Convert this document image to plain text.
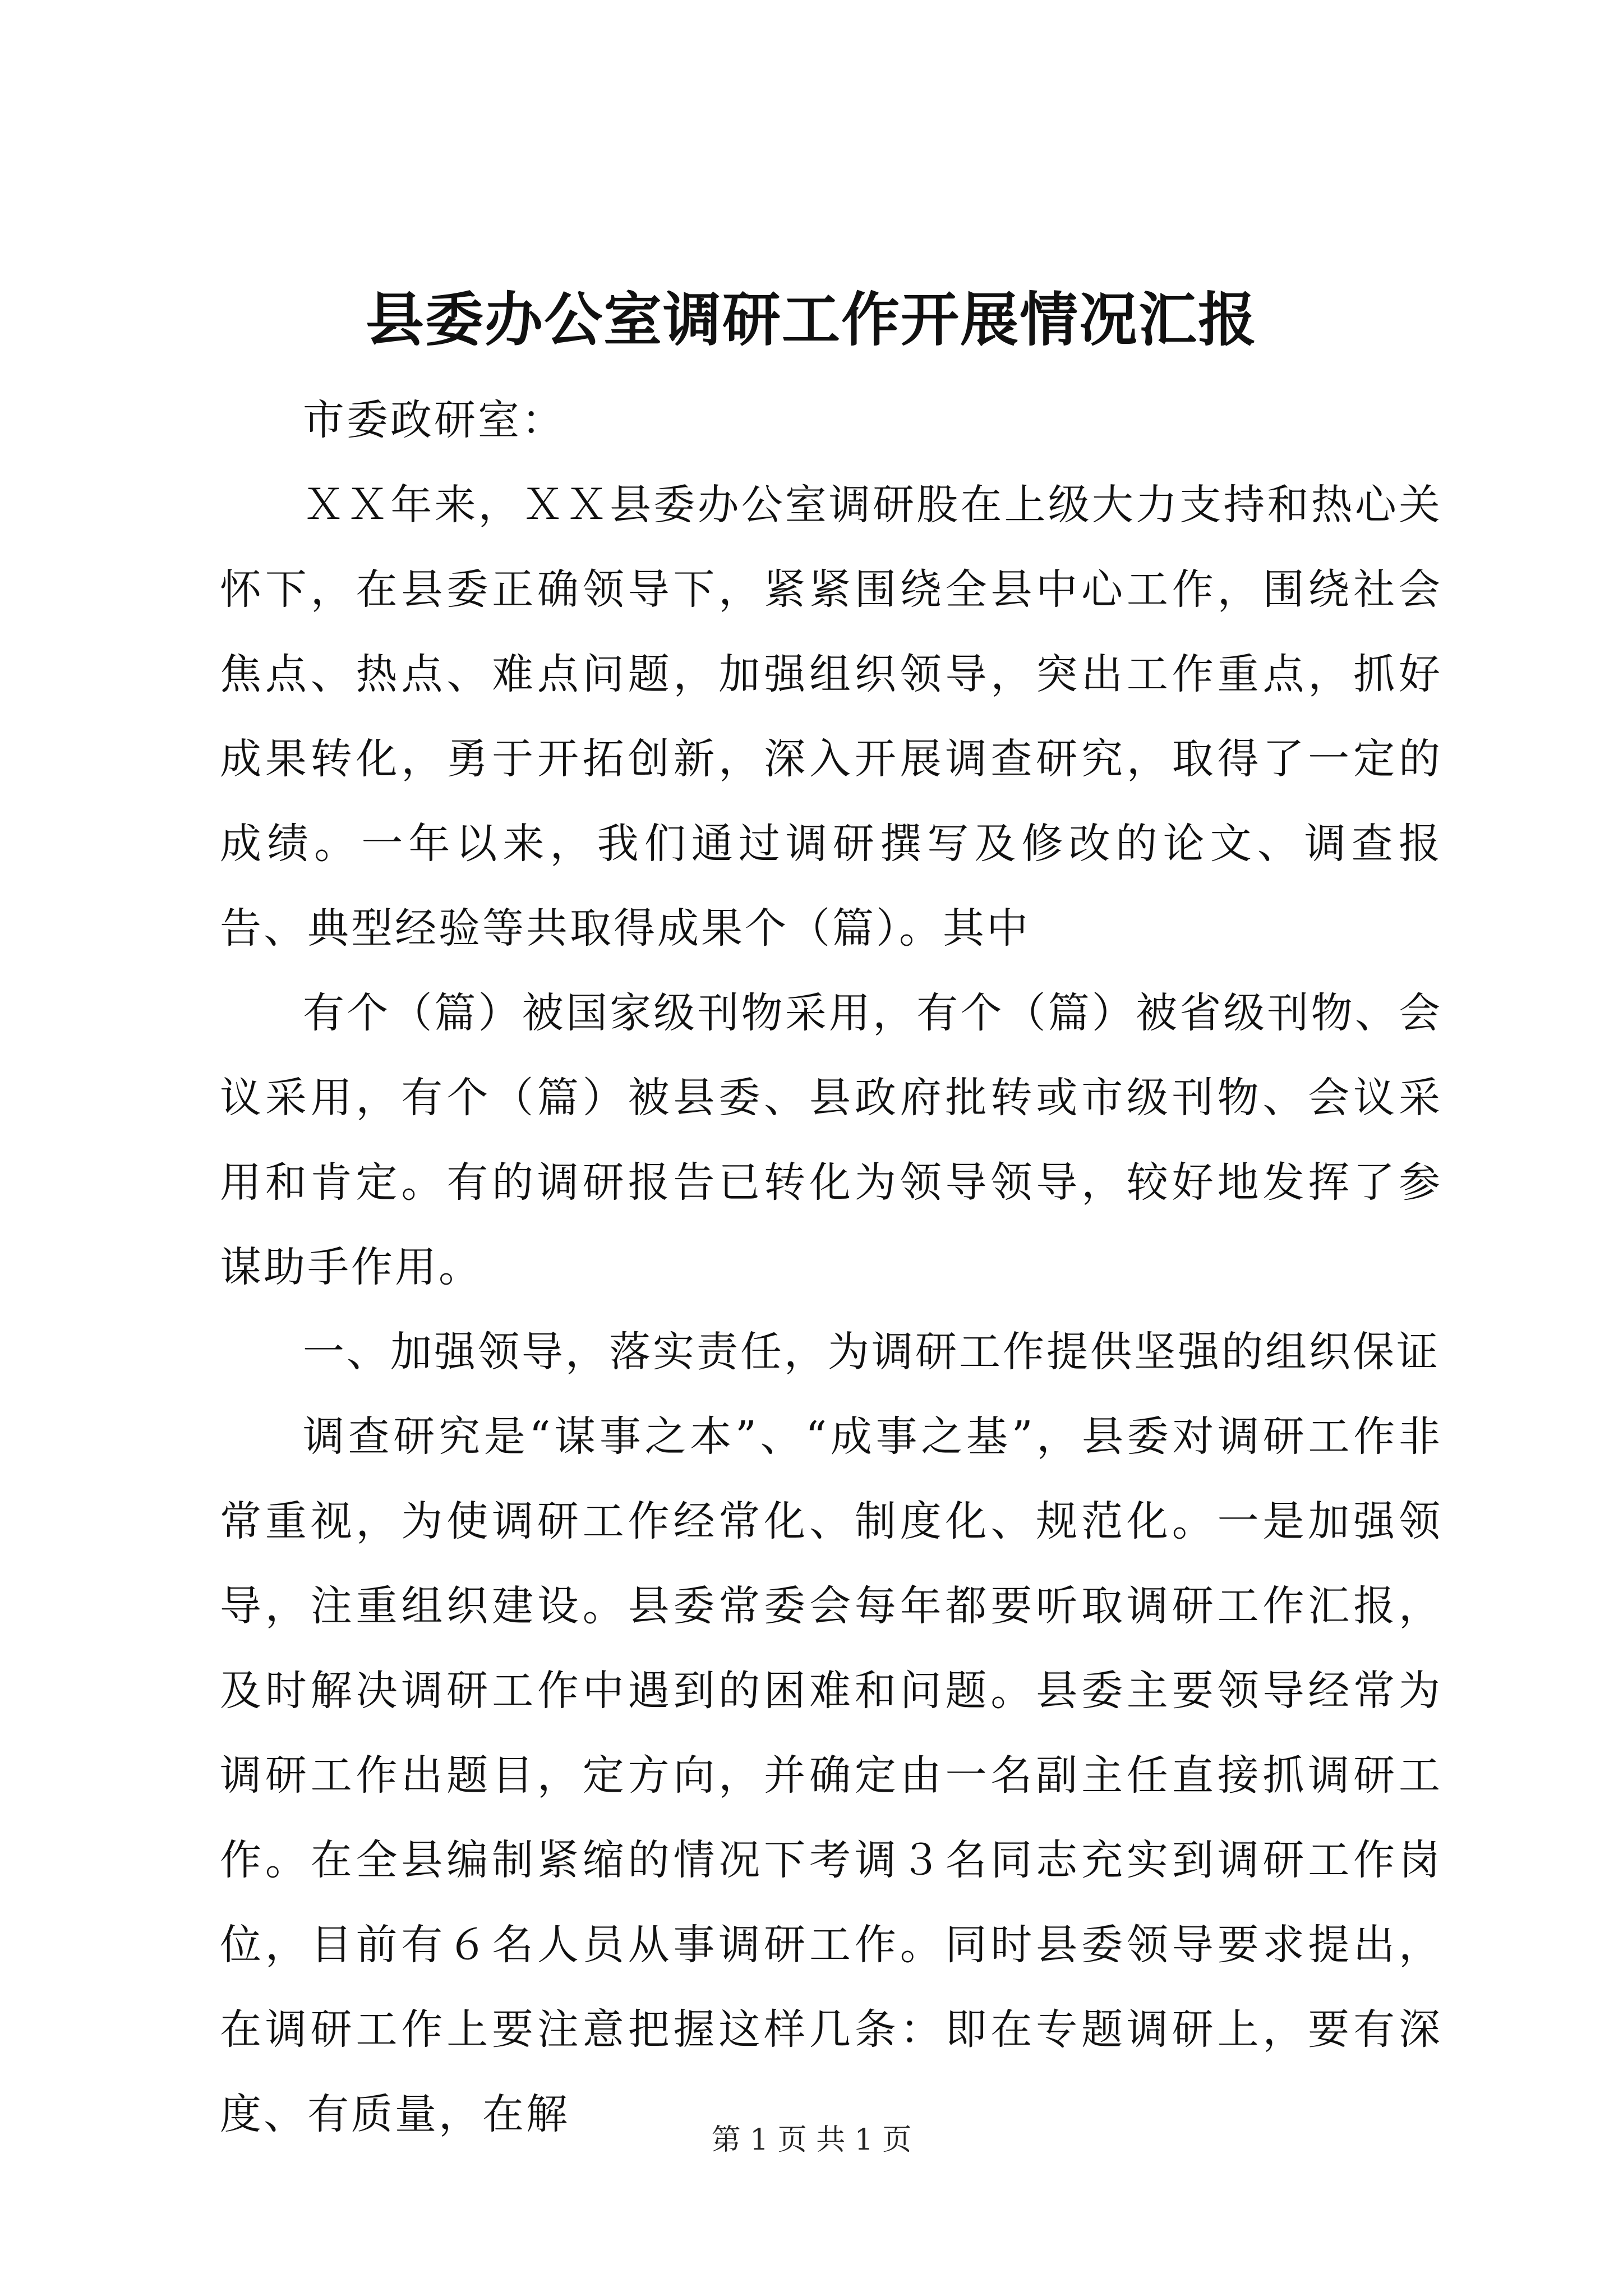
县委办公室调研工作开展情况汇报

市委政研室：

ＸＸ年来，ＸＸ县委办公室调研股在上级大力支持和热心关怀下，在县委正确领导下，紧紧围绕全县中心工作，围绕社会焦点、热点、难点问题，加强组织领导，突出工作重点，抓好成果转化，勇于开拓创新，深入开展调查研究，取得了一定的成绩。一年以来，我们通过调研撰写及修改的论文、调查报告、典型经验等共取得成果个（篇）。其中

有个（篇）被国家级刊物采用，有个（篇）被省级刊物、会议采用，有个（篇）被县委、县政府批转或市级刊物、会议采用和肯定。有的调研报告已转化为领导领导，较好地发挥了参谋助手作用。

一、加强领导，落实责任，为调研工作提供坚强的组织保证

调查研究是“谋事之本”、“成事之基”，县委对调研工作非常重视，为使调研工作经常化、制度化、规范化。一是加强领导，注重组织建设。县委常委会每年都要听取调研工作汇报，及时解决调研工作中遇到的困难和问题。县委主要领导经常为调研工作出题目，定方向，并确定由一名副主任直接抓调研工作。在全县编制紧缩的情况下考调３名同志充实到调研工作岗位，目前有６名人员从事调研工作。同时县委领导要求提出，在调研工作上要注意把握这样几条：即在专题调研上，要有深度、有质量，在解

第 1 页 共 1 页
